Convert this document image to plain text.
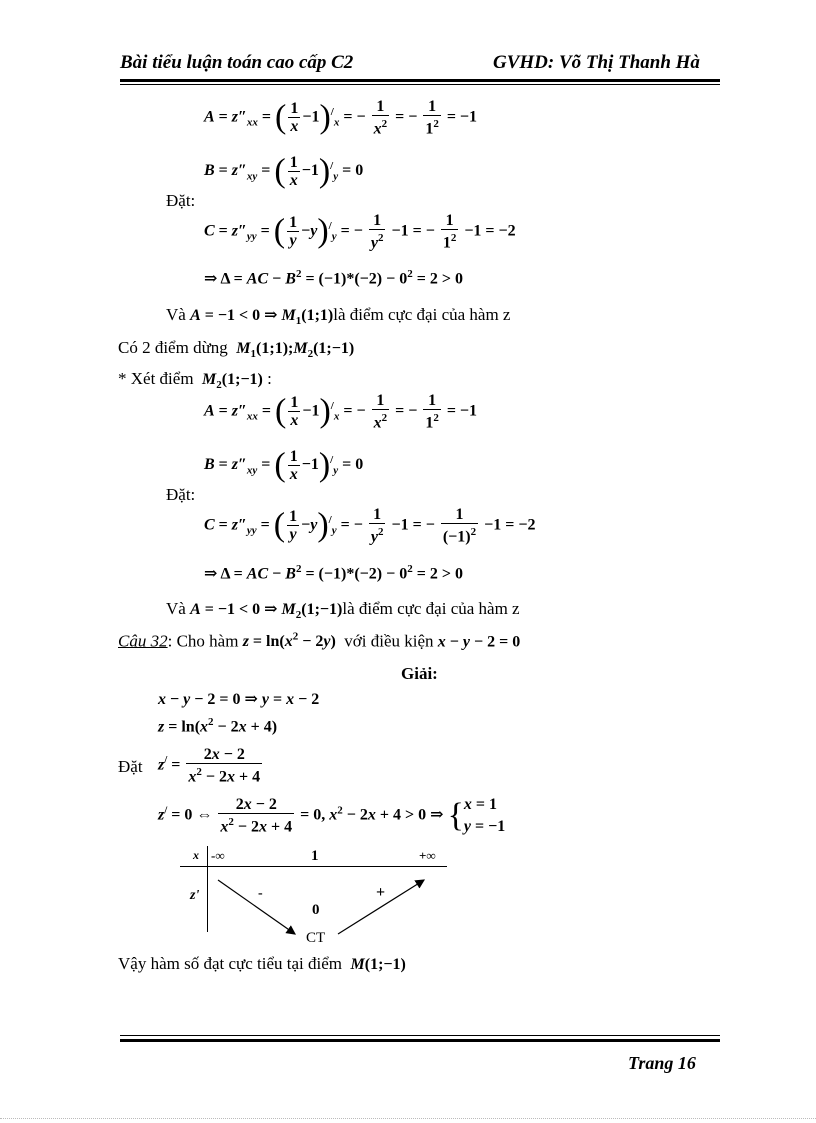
Bài tiểu luận toán cao cấp C2	GVHD: Võ Thị Thanh Hà
$A = z''_{xx}$ = ( $\frac{1}{x} -1)^/_x$ = − $\frac{1}{x^2}$ = − $\frac{1}{1^2} = -1$
$B = z''_{xy}$ = ( $\frac{1}{x} -1)^/_y = 0$
Đặt:
$C = z''_{yy}$ = ( $\frac{1}{y} -y)^/_y$ = − $\frac{1}{y^2} -1$ = − $\frac{1}{1^2} -1 = -2$
⇒ Δ = AC − $B^2 = (-1)*(-2) - 0^2 = 2 > 0$
Và A = −1 < 0 ⇒ $M_1(1;1)là$ điểm cực đại của hàm z
Có 2 điểm dừng $M_1(1;1);M_2(1;-1)$
* Xét điểm $M_2(1;-1)$ :
$A = z''_{xx}$ = ( $\frac{1}{x} -1)^/_x$ = − $\frac{1}{x^2}$ = − $\frac{1}{1^2} = -1$
$B = z''_{xy}$ = ( $\frac{1}{x} -1)^/_y = 0$
Đặt:
$C = z''_{yy}$ = ( $\frac{1}{y} -y)^/_y$ = − $\frac{1}{y^2} -1$ = − $\frac{1}{(-1)^2} -1 = -2$
⇒ Δ = AC − $B^2 = (-1)*(-2) - 0^2 = 2 > 0$
Và A = −1 < 0 ⇒ $M_2(1;-1)là$ điểm cực đại của hàm z
Câu 32: Cho hàm $z = \ln(x^2 - 2y)$ với điều kiện x − y − 2 = 0
Giải:
x − y − 2 = 0 ⇒ y = x − 2
$z = \ln(x^2 - 2x + 4)$
Đặt $z^/ = \frac{2x - 2}{x^2 - 2x + 4}$
z/ = 0 ⇔ $\frac{2x - 2}{x^2 - 2x + 4} = 0$, $x^2 - 2x + 4 > 0$ ⇒ {x = 1
y = −1
x -∞	1	+∞
z'	-	+
0
CT
Vậy hàm số đạt cực tiểu tại điểm M(1;−1)
Trang 16
